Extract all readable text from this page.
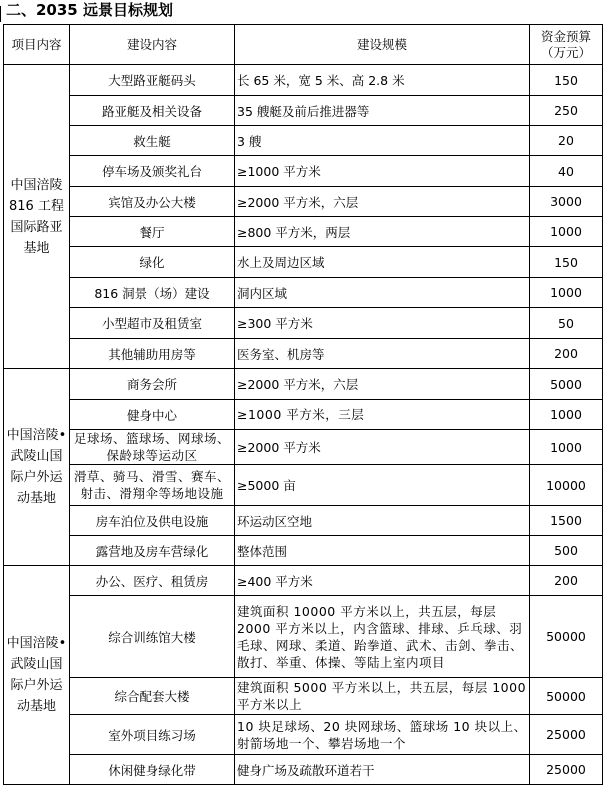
二、2035 远景目标规划
项目内容	建设内容	建设规模	资金预算
（万元）

中国涪陵
816 工程
国际路亚
基地	大型路亚艇码头	长 65 米，宽 5 米、高 2.8 米	150
	路亚艇及相关设备	35 艘艇及前后推进器等	250
	救生艇	3 艘	20
	停车场及颁奖礼台	≥1000 平方米	40
	宾馆及办公大楼	≥2000 平方米，六层	3000
	餐厅	≥800 平方米，两层	1000
	绿化	水上及周边区域	150
	816 洞景（场）建设	洞内区域	1000
	小型超市及租赁室	≥300 平方米	50
	其他辅助用房等	医务室、机房等	200

中国涪陵•
武陵山国
际户外运
动基地	商务会所	≥2000 平方米，六层	5000
	健身中心	≥1000 平方米，三层	1000
	足球场、篮球场、网球场、保龄球等运动区	≥2000 平方米	1000
	滑草、骑马、滑雪、赛车、射击、滑翔伞等场地设施	≥5000 亩	10000
	房车泊位及供电设施	环运动区空地	1500
	露营地及房车营绿化	整体范围	500

中国涪陵•
武陵山国
际户外运
动基地	办公、医疗、租赁房	≥400 平方米	200
	综合训练馆大楼	建筑面积 10000 平方米以上，共五层，每层 2000 平方米以上，内含篮球、排球、乒乓球、羽毛球、网球、柔道、跆拳道、武术、击剑、拳击、散打、举重、体操、等陆上室内项目	50000
	综合配套大楼	建筑面积 5000 平方米以上，共五层，每层 1000 平方米以上	50000
	室外项目练习场	10 块足球场、20 块网球场、篮球场 10 块以上、射箭场地一个、攀岩场地一个	25000
	休闲健身绿化带	健身广场及疏散环道若干	25000
